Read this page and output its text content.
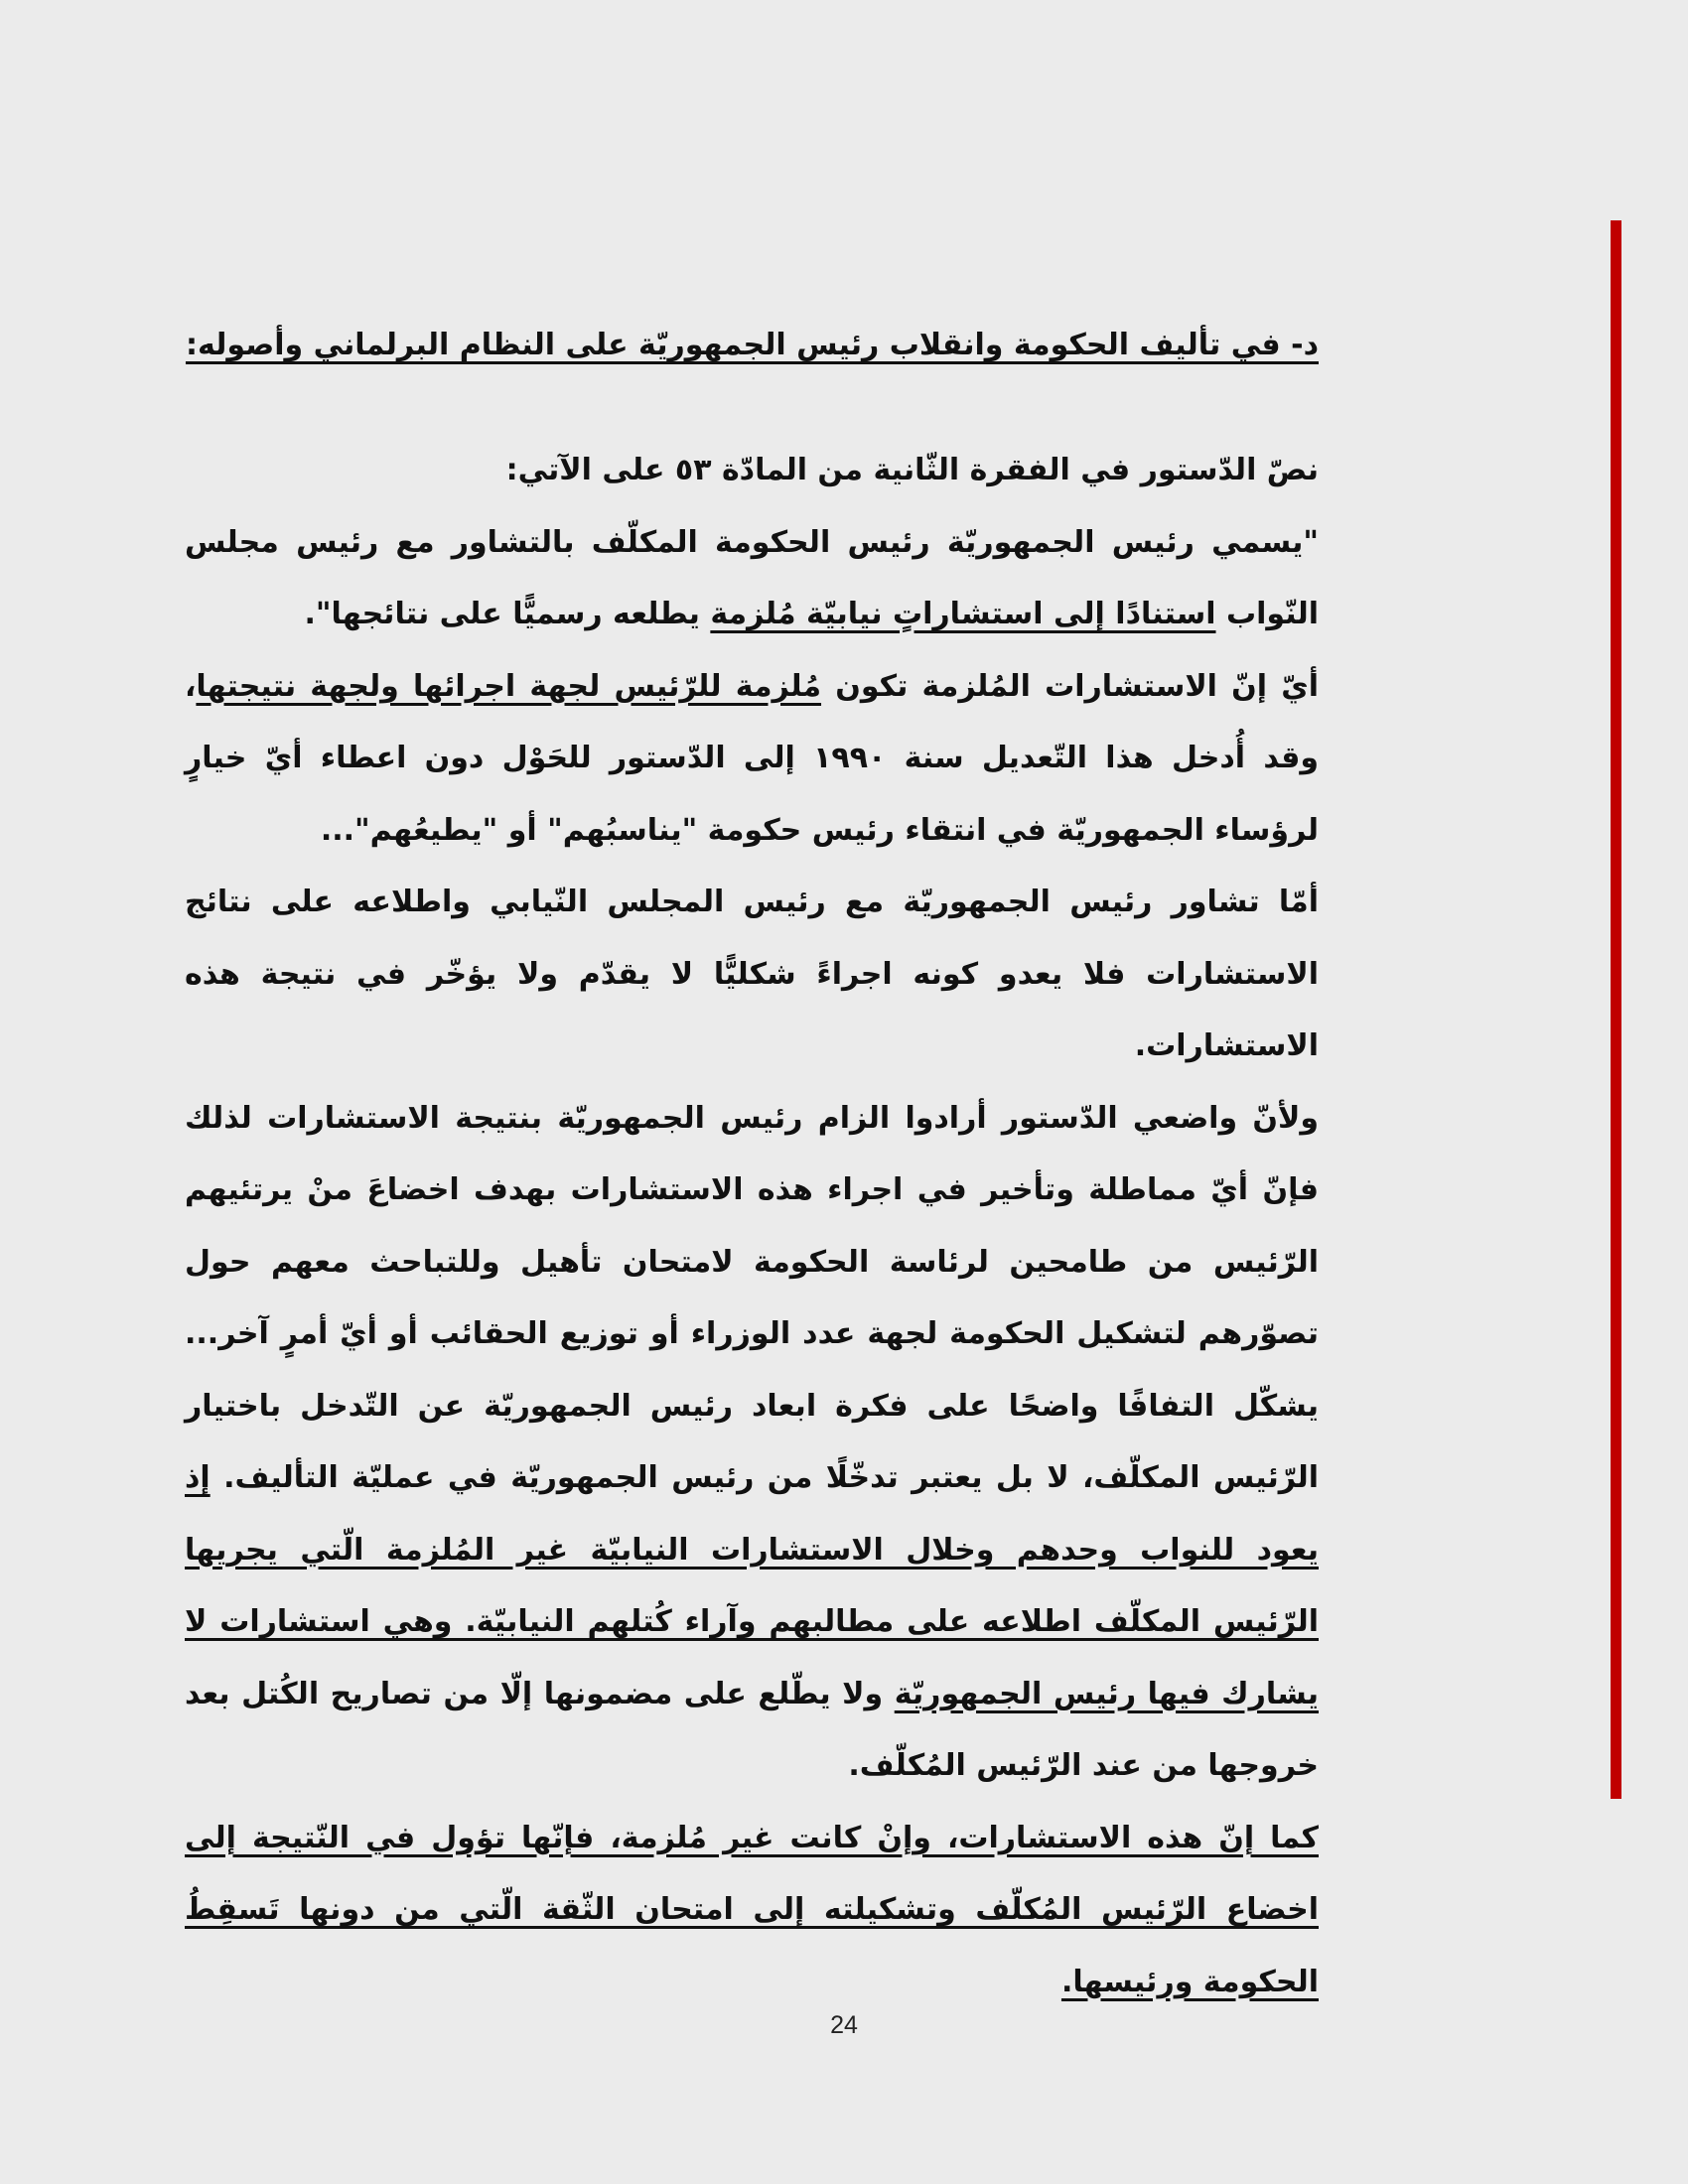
د- في تأليف الحكومة وانقلاب رئيس الجمهوريّة على النظام البرلماني وأصوله:

نصّ الدّستور في الفقرة الثّانية من المادّة ٥٣ على الآتي:

"يسمي رئيس الجمهوريّة رئيس الحكومة المكلّف بالتشاور مع رئيس مجلس النّواب استنادًا إلى استشاراتٍ نيابيّة مُلزمة يطلعه رسميًّا على نتائجها".

أيّ إنّ الاستشارات المُلزمة تكون مُلزمة للرّئيس لجهة اجرائها ولجهة نتيجتها، وقد أُدخل هذا التّعديل سنة ١٩٩٠ إلى الدّستور للحَوْل دون اعطاء أيّ خيارٍ لرؤساء الجمهوريّة في انتقاء رئيس حكومة "يناسبُهم" أو "يطيعُهم"...

أمّا تشاور رئيس الجمهوريّة مع رئيس المجلس النّيابي واطلاعه على نتائج الاستشارات فلا يعدو كونه اجراءً شكليًّا لا يقدّم ولا يؤخّر في نتيجة هذه الاستشارات.

ولأنّ واضعي الدّستور أرادوا الزام رئيس الجمهوريّة بنتيجة الاستشارات لذلك فإنّ أيّ مماطلة وتأخير في اجراء هذه الاستشارات بهدف اخضاعَ منْ يرتئيهم الرّئيس من طامحين لرئاسة الحكومة لامتحان تأهيل وللتباحث معهم حول تصوّرهم لتشكيل الحكومة لجهة عدد الوزراء أو توزيع الحقائب أو أيّ أمرٍ آخر... يشكّل التفافًا واضحًا على فكرة ابعاد رئيس الجمهوريّة عن التّدخل باختيار الرّئيس المكلّف، لا بل يعتبر تدخّلًا من رئيس الجمهوريّة في عمليّة التأليف. إذ يعود للنواب وحدهم وخلال الاستشارات النيابيّة غير المُلزمة الّتي يجريها الرّئيس المكلّف اطلاعه على مطالبهم وآراء كُتلهم النيابيّة. وهي استشارات لا يشارك فيها رئيس الجمهوريّة ولا يطّلع على مضمونها إلّا من تصاريح الكُتل بعد خروجها من عند الرّئيس المُكلّف.

كما إنّ هذه الاستشارات، وإنْ كانت غير مُلزمة، فإنّها تؤول في النّتيجة إلى اخضاع الرّئيس المُكلّف وتشكيلته إلى امتحان الثّقة الّتي من دونها تَسقِطُ الحكومة ورئيسها.

24
